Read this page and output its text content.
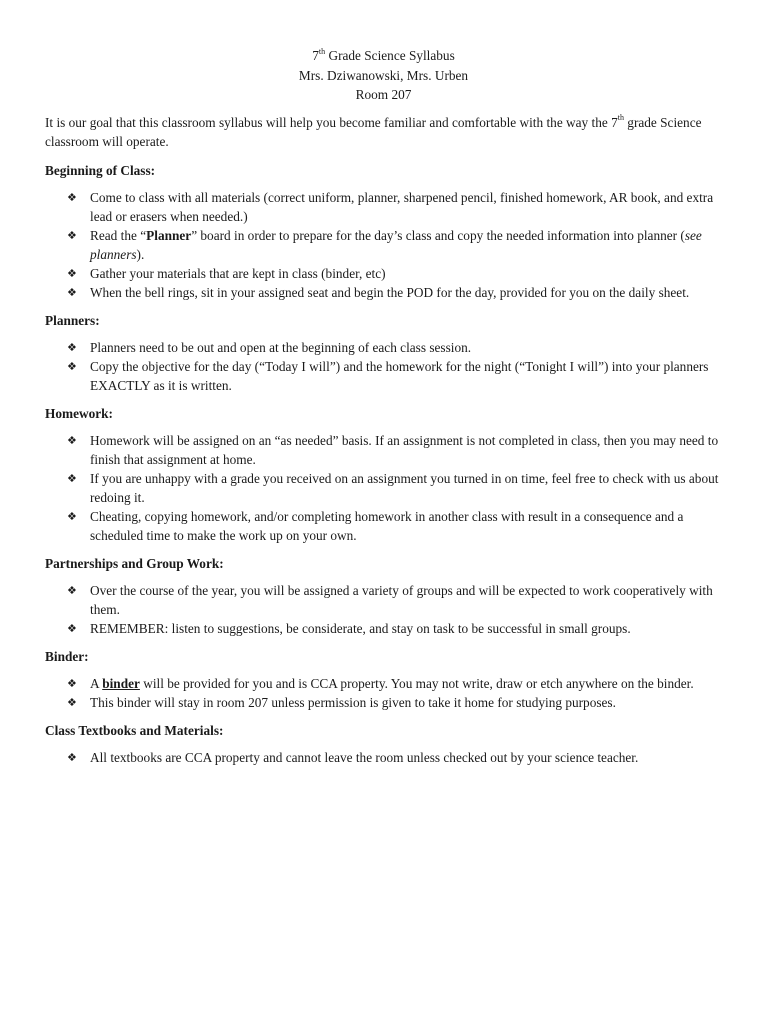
7th Grade Science Syllabus
Mrs. Dziwanowski, Mrs. Urben
Room 207

It is our goal that this classroom syllabus will help you become familiar and comfortable with the way the 7th grade Science classroom will operate.

Beginning of Class:
❖ Come to class with all materials (correct uniform, planner, sharpened pencil, finished homework, AR book, and extra lead or erasers when needed.)
❖ Read the “Planner” board in order to prepare for the day’s class and copy the needed information into planner (see planners).
❖ Gather your materials that are kept in class (binder, etc)
❖ When the bell rings, sit in your assigned seat and begin the POD for the day, provided for you on the daily sheet.
Planners:
❖ Planners need to be out and open at the beginning of each class session.
❖ Copy the objective for the day (“Today I will”) and the homework for the night (“Tonight I will”) into your planners EXACTLY as it is written.
Homework:
❖ Homework will be assigned on an “as needed” basis. If an assignment is not completed in class, then you may need to finish that assignment at home.
❖ If you are unhappy with a grade you received on an assignment you turned in on time, feel free to check with us about redoing it.
❖ Cheating, copying homework, and/or completing homework in another class with result in a consequence and a scheduled time to make the work up on your own.
Partnerships and Group Work:
❖ Over the course of the year, you will be assigned a variety of groups and will be expected to work cooperatively with them.
❖ REMEMBER: listen to suggestions, be considerate, and stay on task to be successful in small groups.
Binder:
❖ A binder will be provided for you and is CCA property. You may not write, draw or etch anywhere on the binder.
❖ This binder will stay in room 207 unless permission is given to take it home for studying purposes.
Class Textbooks and Materials:
❖ All textbooks are CCA property and cannot leave the room unless checked out by your science teacher.
